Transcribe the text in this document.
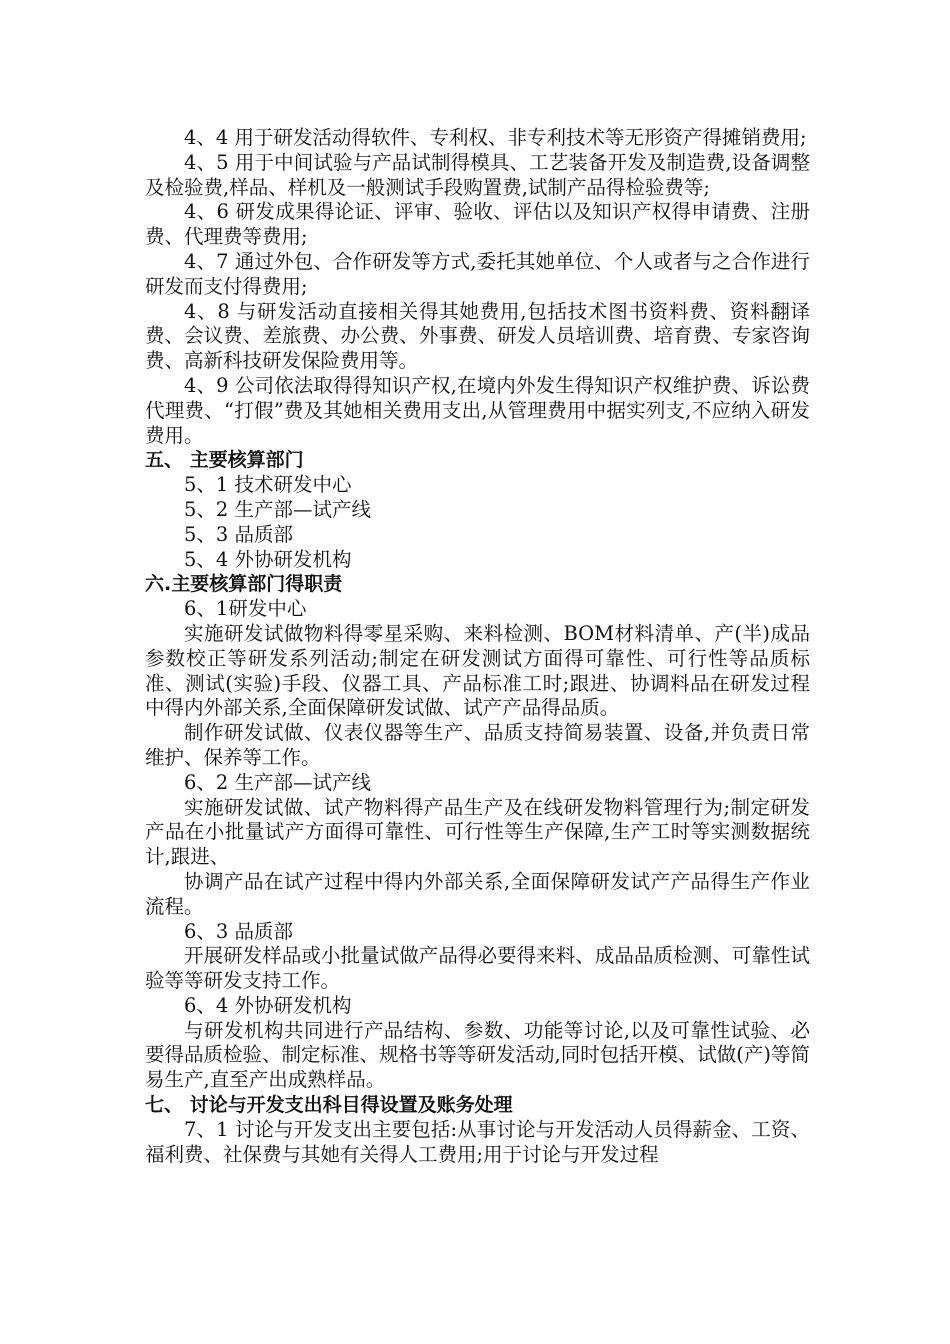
4、4 用于研发活动得软件、专利权、非专利技术等无形资产得摊销费用;

4、5 用于中间试验与产品试制得模具、工艺装备开发及制造费,设备调整及检验费,样品、样机及一般测试手段购置费,试制产品得检验费等;

4、6 研发成果得论证、评审、验收、评估以及知识产权得申请费、注册费、代理费等费用;

4、7 通过外包、合作研发等方式,委托其她单位、个人或者与之合作进行研发而支付得费用;

4、8 与研发活动直接相关得其她费用,包括技术图书资料费、资料翻译费、会议费、差旅费、办公费、外事费、研发人员培训费、培育费、专家咨询费、高新科技研发保险费用等。

4、9 公司依法取得得知识产权,在境内外发生得知识产权维护费、诉讼费代理费、“打假”费及其她相关费用支出,从管理费用中据实列支,不应纳入研发费用。

五、 主要核算部门

5、1 技术研发中心

5、2 生产部—试产线

5、3 品质部

5、4 外协研发机构

六.主要核算部门得职责

6、1研发中心

实施研发试做物料得零星采购、来料检测、BOM材料清单、产(半)成品参数校正等研发系列活动;制定在研发测试方面得可靠性、可行性等品质标准、测试(实验)手段、仪器工具、产品标准工时;跟进、协调料品在研发过程中得内外部关系,全面保障研发试做、试产产品得品质。

制作研发试做、仪表仪器等生产、品质支持简易装置、设备,并负责日常维护、保养等工作。

6、2 生产部—试产线

实施研发试做、试产物料得产品生产及在线研发物料管理行为;制定研发产品在小批量试产方面得可靠性、可行性等生产保障,生产工时等实测数据统计,跟进、

协调产品在试产过程中得内外部关系,全面保障研发试产产品得生产作业流程。

6、3 品质部

开展研发样品或小批量试做产品得必要得来料、成品品质检测、可靠性试验等等研发支持工作。

6、4 外协研发机构

与研发机构共同进行产品结构、参数、功能等讨论,以及可靠性试验、必要得品质检验、制定标准、规格书等等研发活动,同时包括开模、试做(产)等简易生产,直至产出成熟样品。

七、 讨论与开发支出科目得设置及账务处理

7、1 讨论与开发支出主要包括:从事讨论与开发活动人员得薪金、工资、福利费、社保费与其她有关得人工费用;用于讨论与开发过程
